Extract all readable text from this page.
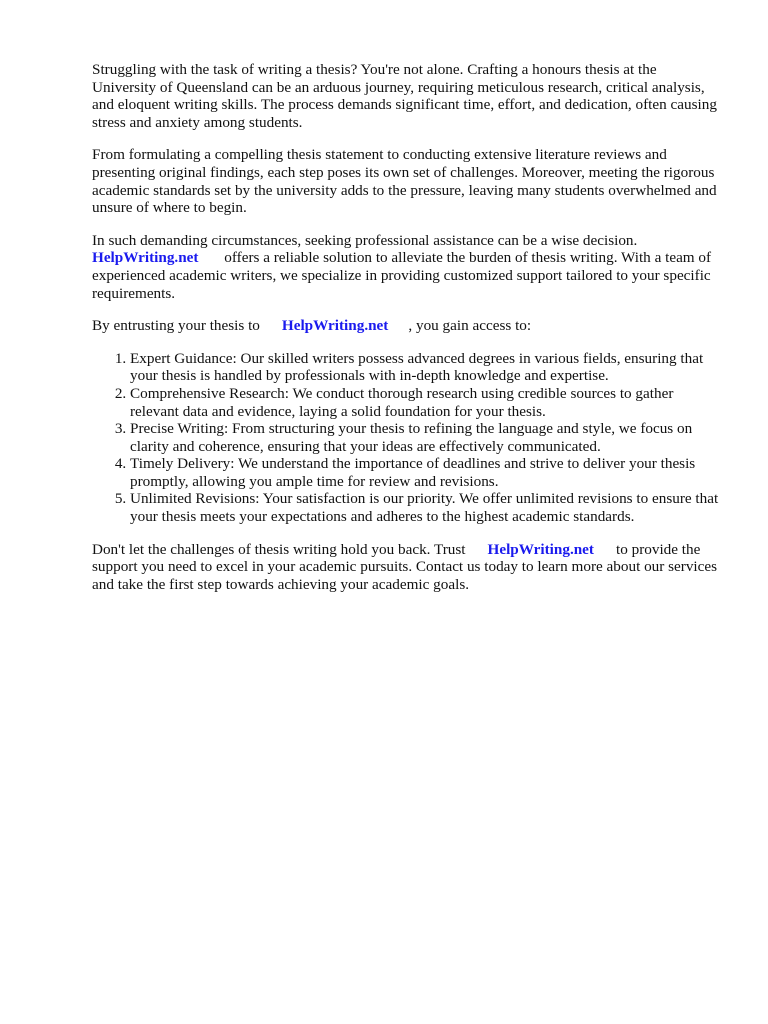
Struggling with the task of writing a thesis? You're not alone. Crafting a honours thesis at the University of Queensland can be an arduous journey, requiring meticulous research, critical analysis, and eloquent writing skills. The process demands significant time, effort, and dedication, often causing stress and anxiety among students.

From formulating a compelling thesis statement to conducting extensive literature reviews and presenting original findings, each step poses its own set of challenges. Moreover, meeting the rigorous academic standards set by the university adds to the pressure, leaving many students overwhelmed and unsure of where to begin.

In such demanding circumstances, seeking professional assistance can be a wise decision.
HelpWriting.net offers a reliable solution to alleviate the burden of thesis writing. With a team of experienced academic writers, we specialize in providing customized support tailored to your specific requirements.

By entrusting your thesis to HelpWriting.net , you gain access to:

1. Expert Guidance: Our skilled writers possess advanced degrees in various fields, ensuring that your thesis is handled by professionals with in-depth knowledge and expertise.
2. Comprehensive Research: We conduct thorough research using credible sources to gather relevant data and evidence, laying a solid foundation for your thesis.
3. Precise Writing: From structuring your thesis to refining the language and style, we focus on clarity and coherence, ensuring that your ideas are effectively communicated.
4. Timely Delivery: We understand the importance of deadlines and strive to deliver your thesis promptly, allowing you ample time for review and revisions.
5. Unlimited Revisions: Your satisfaction is our priority. We offer unlimited revisions to ensure that your thesis meets your expectations and adheres to the highest academic standards.

Don't let the challenges of thesis writing hold you back. Trust HelpWriting.net to provide the support you need to excel in your academic pursuits. Contact us today to learn more about our services and take the first step towards achieving your academic goals.
